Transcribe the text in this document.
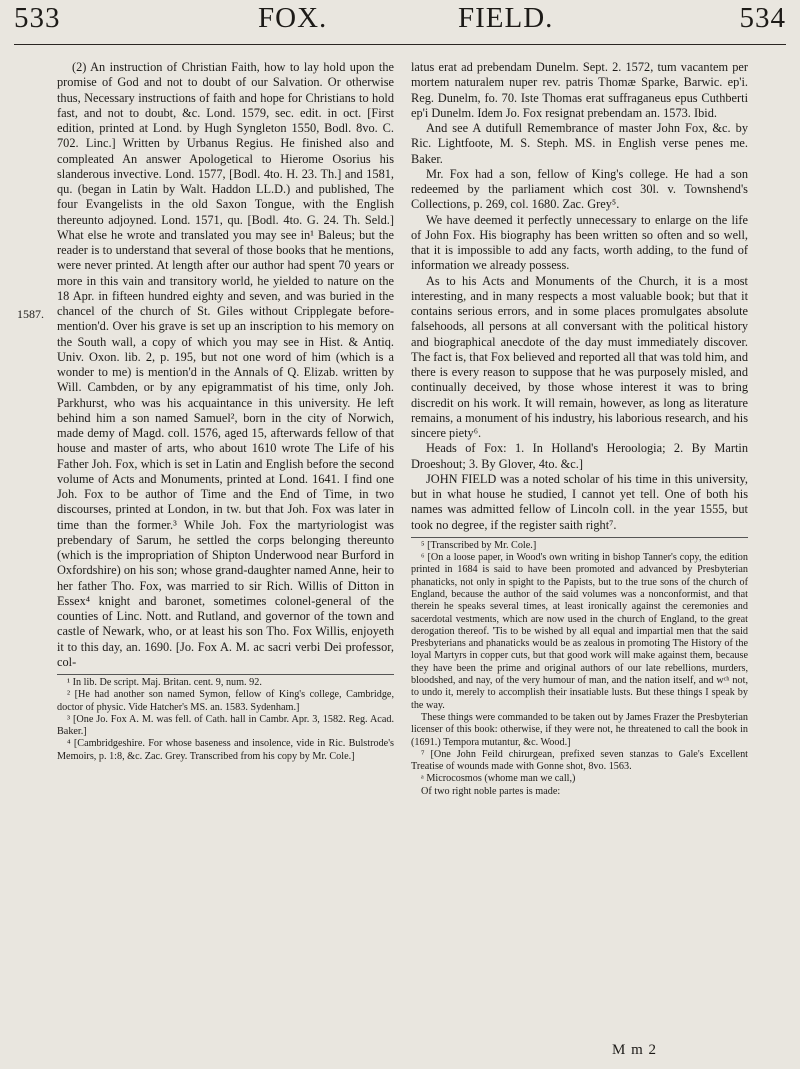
533	FOX.	FIELD.	534
1587.

(2) An instruction of Christian Faith, how to lay hold upon the promise of God and not to doubt of our Salvation. Or otherwise thus, Necessary instructions of faith and hope for Christians to hold fast, and not to doubt, &c. Lond. 1579, sec. edit. in oct. [First edition, printed at Lond. by Hugh Syngleton 1550, Bodl. 8vo. C. 702. Linc.] Written by Urbanus Regius. He finished also and compleated An answer Apologetical to Hierome Osorius his slanderous invective. Lond. 1577, [Bodl. 4to. H. 23. Th.] and 1581, qu. (began in Latin by Walt. Haddon LL.D.) and published, The four Evangelists in the old Saxon Tongue, with the English thereunto adjoyned. Lond. 1571, qu. [Bodl. 4to. G. 24. Th. Seld.] What else he wrote and translated you may see in¹ Baleus; but the reader is to understand that several of those books that he mentions, were never printed. At length after our author had spent 70 years or more in this vain and transitory world, he yielded to nature on the 18 Apr. in fifteen hundred eighty and seven, and was buried in the chancel of the church of St. Giles without Cripplegate before-mention'd. Over his grave is set up an inscription to his memory on the South wall, a copy of which you may see in Hist. & Antiq. Univ. Oxon. lib. 2, p. 195, but not one word of him (which is a wonder to me) is mention'd in the Annals of Q. Elizab. written by Will. Cambden, or by any epigrammatist of his time, only Joh. Parkhurst, who was his acquaintance in this university. He left behind him a son named Samuel², born in the city of Norwich, made demy of Magd. coll. 1576, aged 15, afterwards fellow of that house and master of arts, who about 1610 wrote The Life of his Father Joh. Fox, which is set in Latin and English before the second volume of Acts and Monuments, printed at Lond. 1641. I find one Joh. Fox to be author of Time and the End of Time, in two discourses, printed at London, in tw. but that Joh. Fox was later in time than the former.³ While Joh. Fox the martyriologist was prebendary of Sarum, he settled the corps belonging thereunto (which is the impropriation of Shipton Underwood near Burford in Oxfordshire) on his son; whose grand-daughter named Anne, heir to her father Tho. Fox, was married to sir Rich. Willis of Ditton in Essex⁴ knight and baronet, sometimes colonel-general of the counties of Linc. Nott. and Rutland, and governor of the town and castle of Newark, who, or at least his son Tho. Fox Willis, enjoyeth it to this day, an. 1690. [Jo. Fox A. M. ac sacri verbi Dei professor, col-

¹ In lib. De script. Maj. Britan. cent. 9, num. 92.

² [He had another son named Symon, fellow of King's college, Cambridge, doctor of physic. Vide Hatcher's MS. an. 1583. Sydenham.]

³ [One Jo. Fox A. M. was fell. of Cath. hall in Cambr. Apr. 3, 1582. Reg. Acad. Baker.]

⁴ [Cambridgeshire. For whose baseness and insolence, vide in Ric. Bulstrode's Memoirs, p. 1:8, &c. Zac. Grey. Transcribed from his copy by Mr. Cole.]

latus erat ad prebendam Dunelm. Sept. 2. 1572, tum vacantem per mortem naturalem nuper rev. patris Thomæ Sparke, Barwic. ep'i. Reg. Dunelm, fo. 70. Iste Thomas erat suffraganeus epus Cuthberti ep'i Dunelm. Idem Jo. Fox resignat prebendam an. 1573. Ibid.

And see A dutifull Remembrance of master John Fox, &c. by Ric. Lightfoote, M. S. Steph. MS. in English verse penes me. Baker.

Mr. Fox had a son, fellow of King's college. He had a son redeemed by the parliament which cost 30l. v. Townshend's Collections, p. 269, col. 1680. Zac. Grey⁵.

We have deemed it perfectly unnecessary to enlarge on the life of John Fox. His biography has been written so often and so well, that it is impossible to add any facts, worth adding, to the fund of information we already possess.

As to his Acts and Monuments of the Church, it is a most interesting, and in many respects a most valuable book; but that it contains serious errors, and in some places promulgates absolute falsehoods, all persons at all conversant with the political history and biographical anecdote of the day must immediately discover. The fact is, that Fox believed and reported all that was told him, and there is every reason to suppose that he was purposely misled, and continually deceived, by those whose interest it was to bring discredit on his work. It will remain, however, as long as literature remains, a monument of his industry, his laborious research, and his sincere piety⁶.

Heads of Fox: 1. In Holland's Heroologia; 2. By Martin Droeshout; 3. By Glover, 4to. &c.]

JOHN FIELD was a noted scholar of his time in this university, but in what house he studied, I cannot yet tell. One of both his names was admitted fellow of Lincoln coll. in the year 1555, but took no degree, if the register saith right⁷.

⁵ [Transcribed by Mr. Cole.]

⁶ [On a loose paper, in Wood's own writing in bishop Tanner's copy, the edition printed in 1684 is said to have been promoted and advanced by Presbyterian phanaticks, not only in spight to the Papists, but to the true sons of the church of England, because the author of the said volumes was a nonconformist, and that therein he speaks several times, at least ironically against the ceremonies and sacerdotal vestments, which are now used in the church of England, to the great derogation thereof. 'Tis to be wished by all equal and impartial men that the said Presbyterians and phanaticks would be as zealous in promoting The History of the loyal Martyrs in copper cuts, but that good work will make against them, because they have been the prime and original authors of our late rebellions, murders, bloodshed, and nay, of the very humour of man, and the nation itself, and wᶜʰ not, to undo it, merely to accomplish their insatiable lusts. But these things I speak by the way.

These things were commanded to be taken out by James Frazer the Presbyterian licenser of this book: otherwise, if they were not, he threatened to call the book in (1691.) Tempora mutantur, &c. Wood.]

⁷ [One John Feild chirurgean, prefixed seven stanzas to Gale's Excellent Treatise of wounds made with Gonne shot, 8vo. 1563.

ᵃ Microcosmos (whome man we call,)

Of two right noble partes is made:

M m 2
